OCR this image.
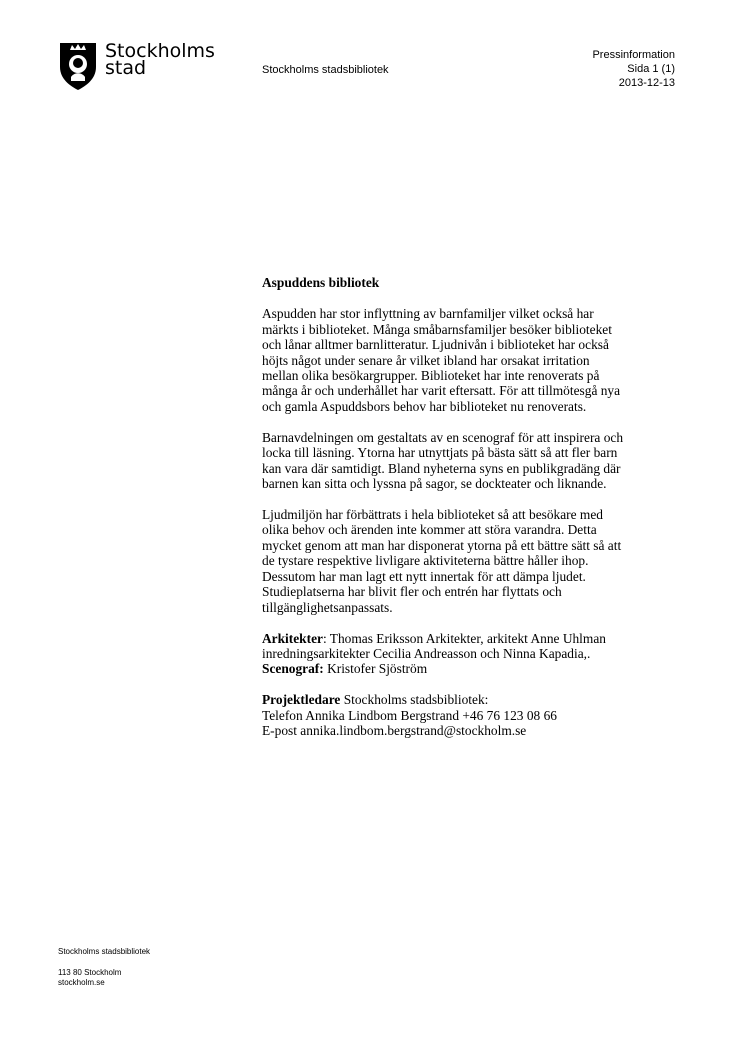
Stockholms
stad	Stockholms stadsbibliotek
Pressinformation
Sida 1 (1)
2013-12-13
Aspuddens bibliotek

Aspudden har stor inflyttning av barnfamiljer vilket också har
märkts i biblioteket. Många småbarnsfamiljer besöker biblioteket
och lånar alltmer barnlitteratur. Ljudnivån i biblioteket har också
höjts något under senare år vilket ibland har orsakat irritation
mellan olika besökargrupper. Biblioteket har inte renoverats på
många år och underhållet har varit eftersatt. För att tillmötesgå nya
och gamla Aspuddsbors behov har biblioteket nu renoverats.

Barnavdelningen om gestaltats av en scenograf för att inspirera och
locka till läsning. Ytorna har utnyttjats på bästa sätt så att fler barn
kan vara där samtidigt. Bland nyheterna syns en publikgradäng där
barnen kan sitta och lyssna på sagor, se dockteater och liknande.

Ljudmiljön har förbättrats i hela biblioteket så att besökare med
olika behov och ärenden inte kommer att störa varandra. Detta
mycket genom att man har disponerat ytorna på ett bättre sätt så att
de tystare respektive livligare aktiviteterna bättre håller ihop.
Dessutom har man lagt ett nytt innertak för att dämpa ljudet.
Studieplatserna har blivit fler och entrén har flyttats och
tillgänglighetsanpassats.

Arkitekter: Thomas Eriksson Arkitekter, arkitekt Anne Uhlman
inredningsarkitekter Cecilia Andreasson och Ninna Kapadia,.
Scenograf: Kristofer Sjöström

Projektledare Stockholms stadsbibliotek:
Telefon Annika Lindbom Bergstrand +46 76 123 08 66
E-post annika.lindbom.bergstrand@stockholm.se

Stockholms stadsbibliotek
113 80 Stockholm
stockholm.se
